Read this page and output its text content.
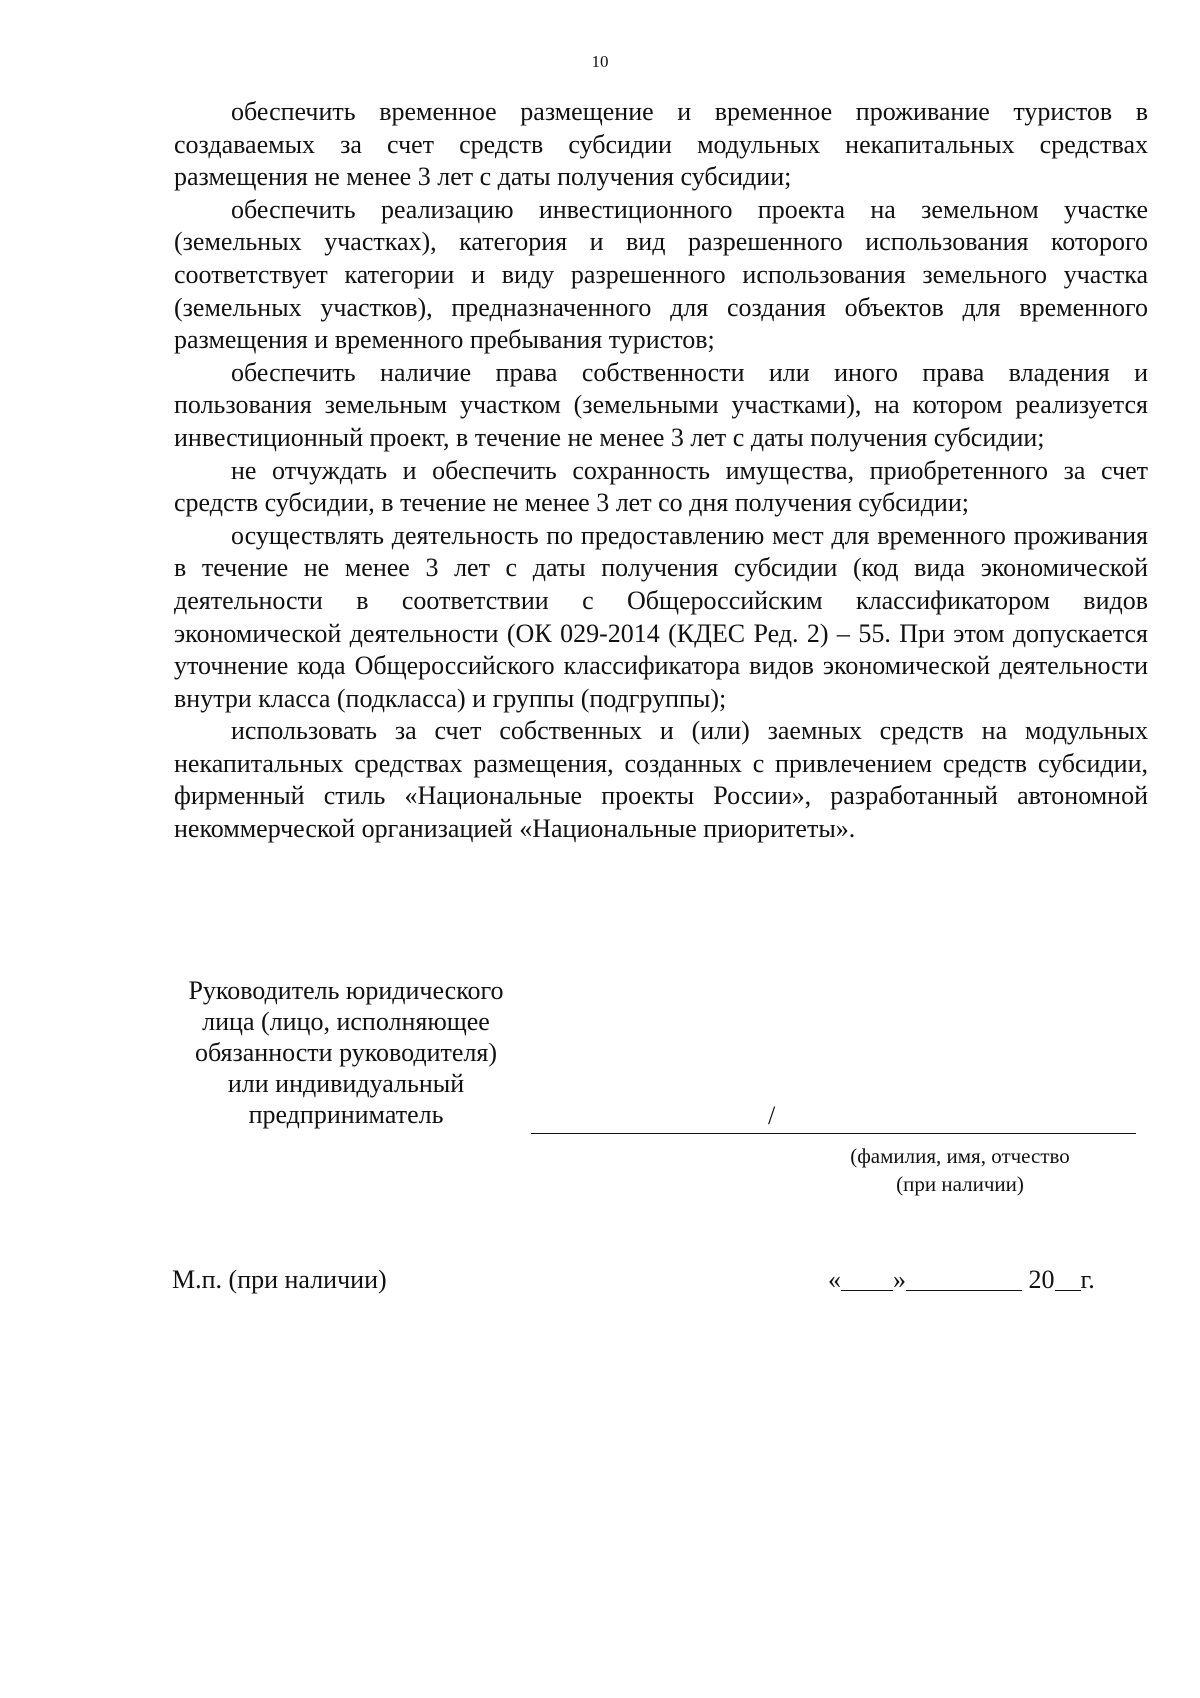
10

обеспечить временное размещение и временное проживание туристов в создаваемых за счет средств субсидии модульных некапитальных средствах размещения не менее 3 лет с даты получения субсидии;

обеспечить реализацию инвестиционного проекта на земельном участке (земельных участках), категория и вид разрешенного использования которого соответствует категории и виду разрешенного использования земельного участка (земельных участков), предназначенного для создания объектов для временного размещения и временного пребывания туристов;

обеспечить наличие права собственности или иного права владения и пользования земельным участком (земельными участками), на котором реализуется инвестиционный проект, в течение не менее 3 лет с даты получения субсидии;

не отчуждать и обеспечить сохранность имущества, приобретенного за счет средств субсидии, в течение не менее 3 лет со дня получения субсидии;

осуществлять деятельность по предоставлению мест для временного проживания в течение не менее 3 лет с даты получения субсидии (код вида экономической деятельности в соответствии с Общероссийским классификатором видов экономической деятельности (ОК 029-2014 (КДЕС Ред. 2) – 55. При этом допускается уточнение кода Общероссийского классификатора видов экономической деятельности внутри класса (подкласса) и группы (подгруппы);

использовать за счет собственных и (или) заемных средств на модульных некапитальных средствах размещения, созданных с привлечением средств субсидии, фирменный стиль «Национальные проекты России», разработанный автономной некоммерческой организацией «Национальные приоритеты».

Руководитель юридического
лица (лицо, исполняющее
обязанности руководителя)
или индивидуальный
предприниматель	/
(фамилия, имя, отчество
(при наличии)
М.п. (при наличии)	« »	20 г.
